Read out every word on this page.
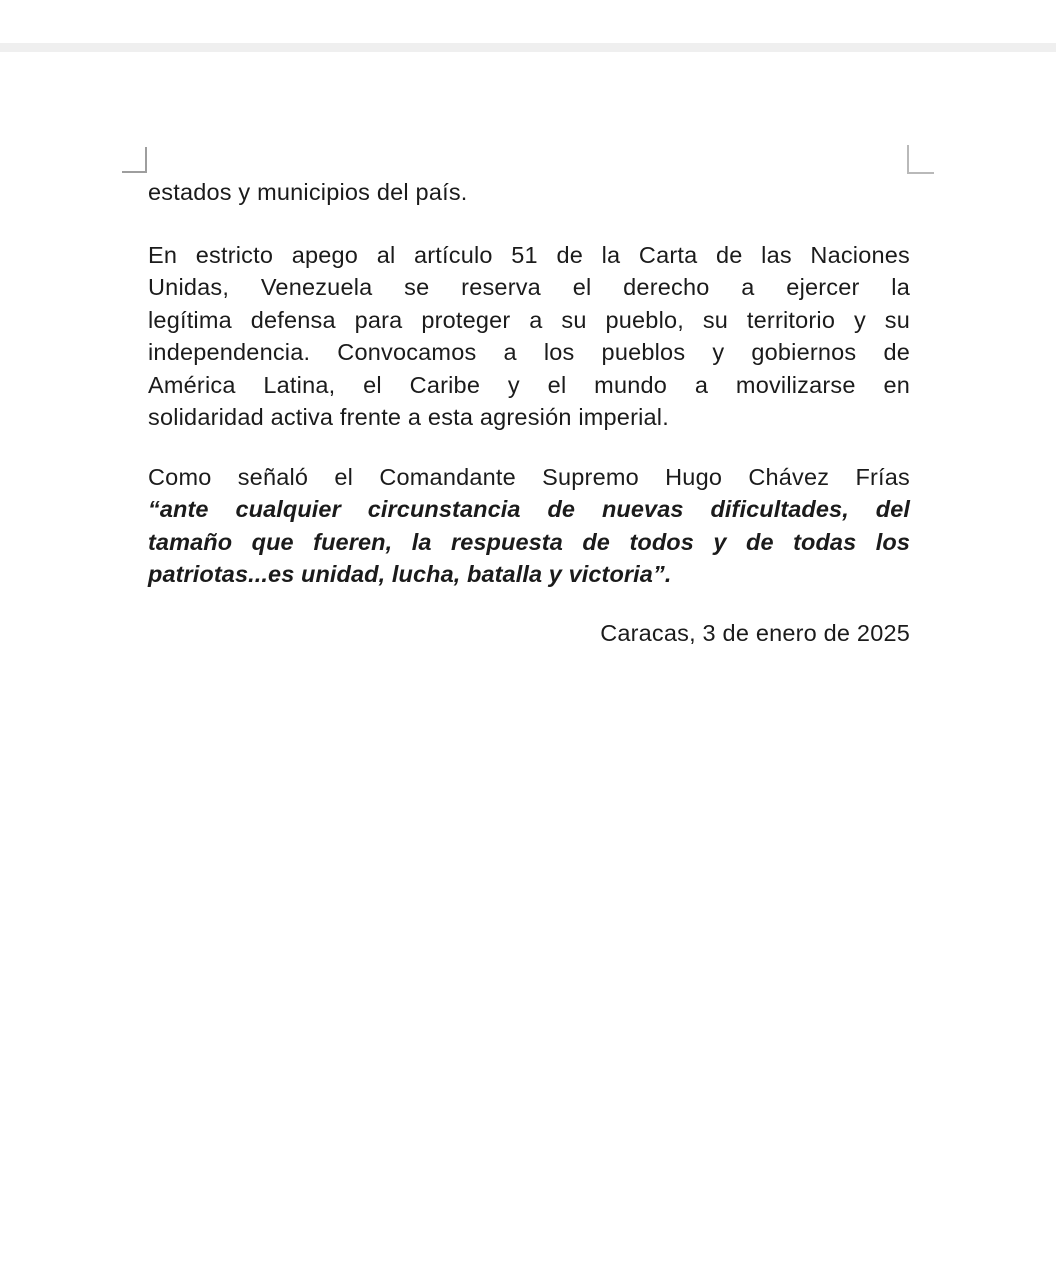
estados y municipios del país.
En estricto apego al artículo 51 de la Carta de las Naciones
Unidas, Venezuela se reserva el derecho a ejercer la
legítima defensa para proteger a su pueblo, su territorio y su
independencia. Convocamos a los pueblos y gobiernos de
América Latina, el Caribe y el mundo a movilizarse en
solidaridad activa frente a esta agresión imperial.
Como señaló el Comandante Supremo Hugo Chávez Frías
“ante cualquier circunstancia de nuevas dificultades, del
tamaño que fueren, la respuesta de todos y de todas los
patriotas...es unidad, lucha, batalla y victoria”.
Caracas, 3 de enero de 2025
